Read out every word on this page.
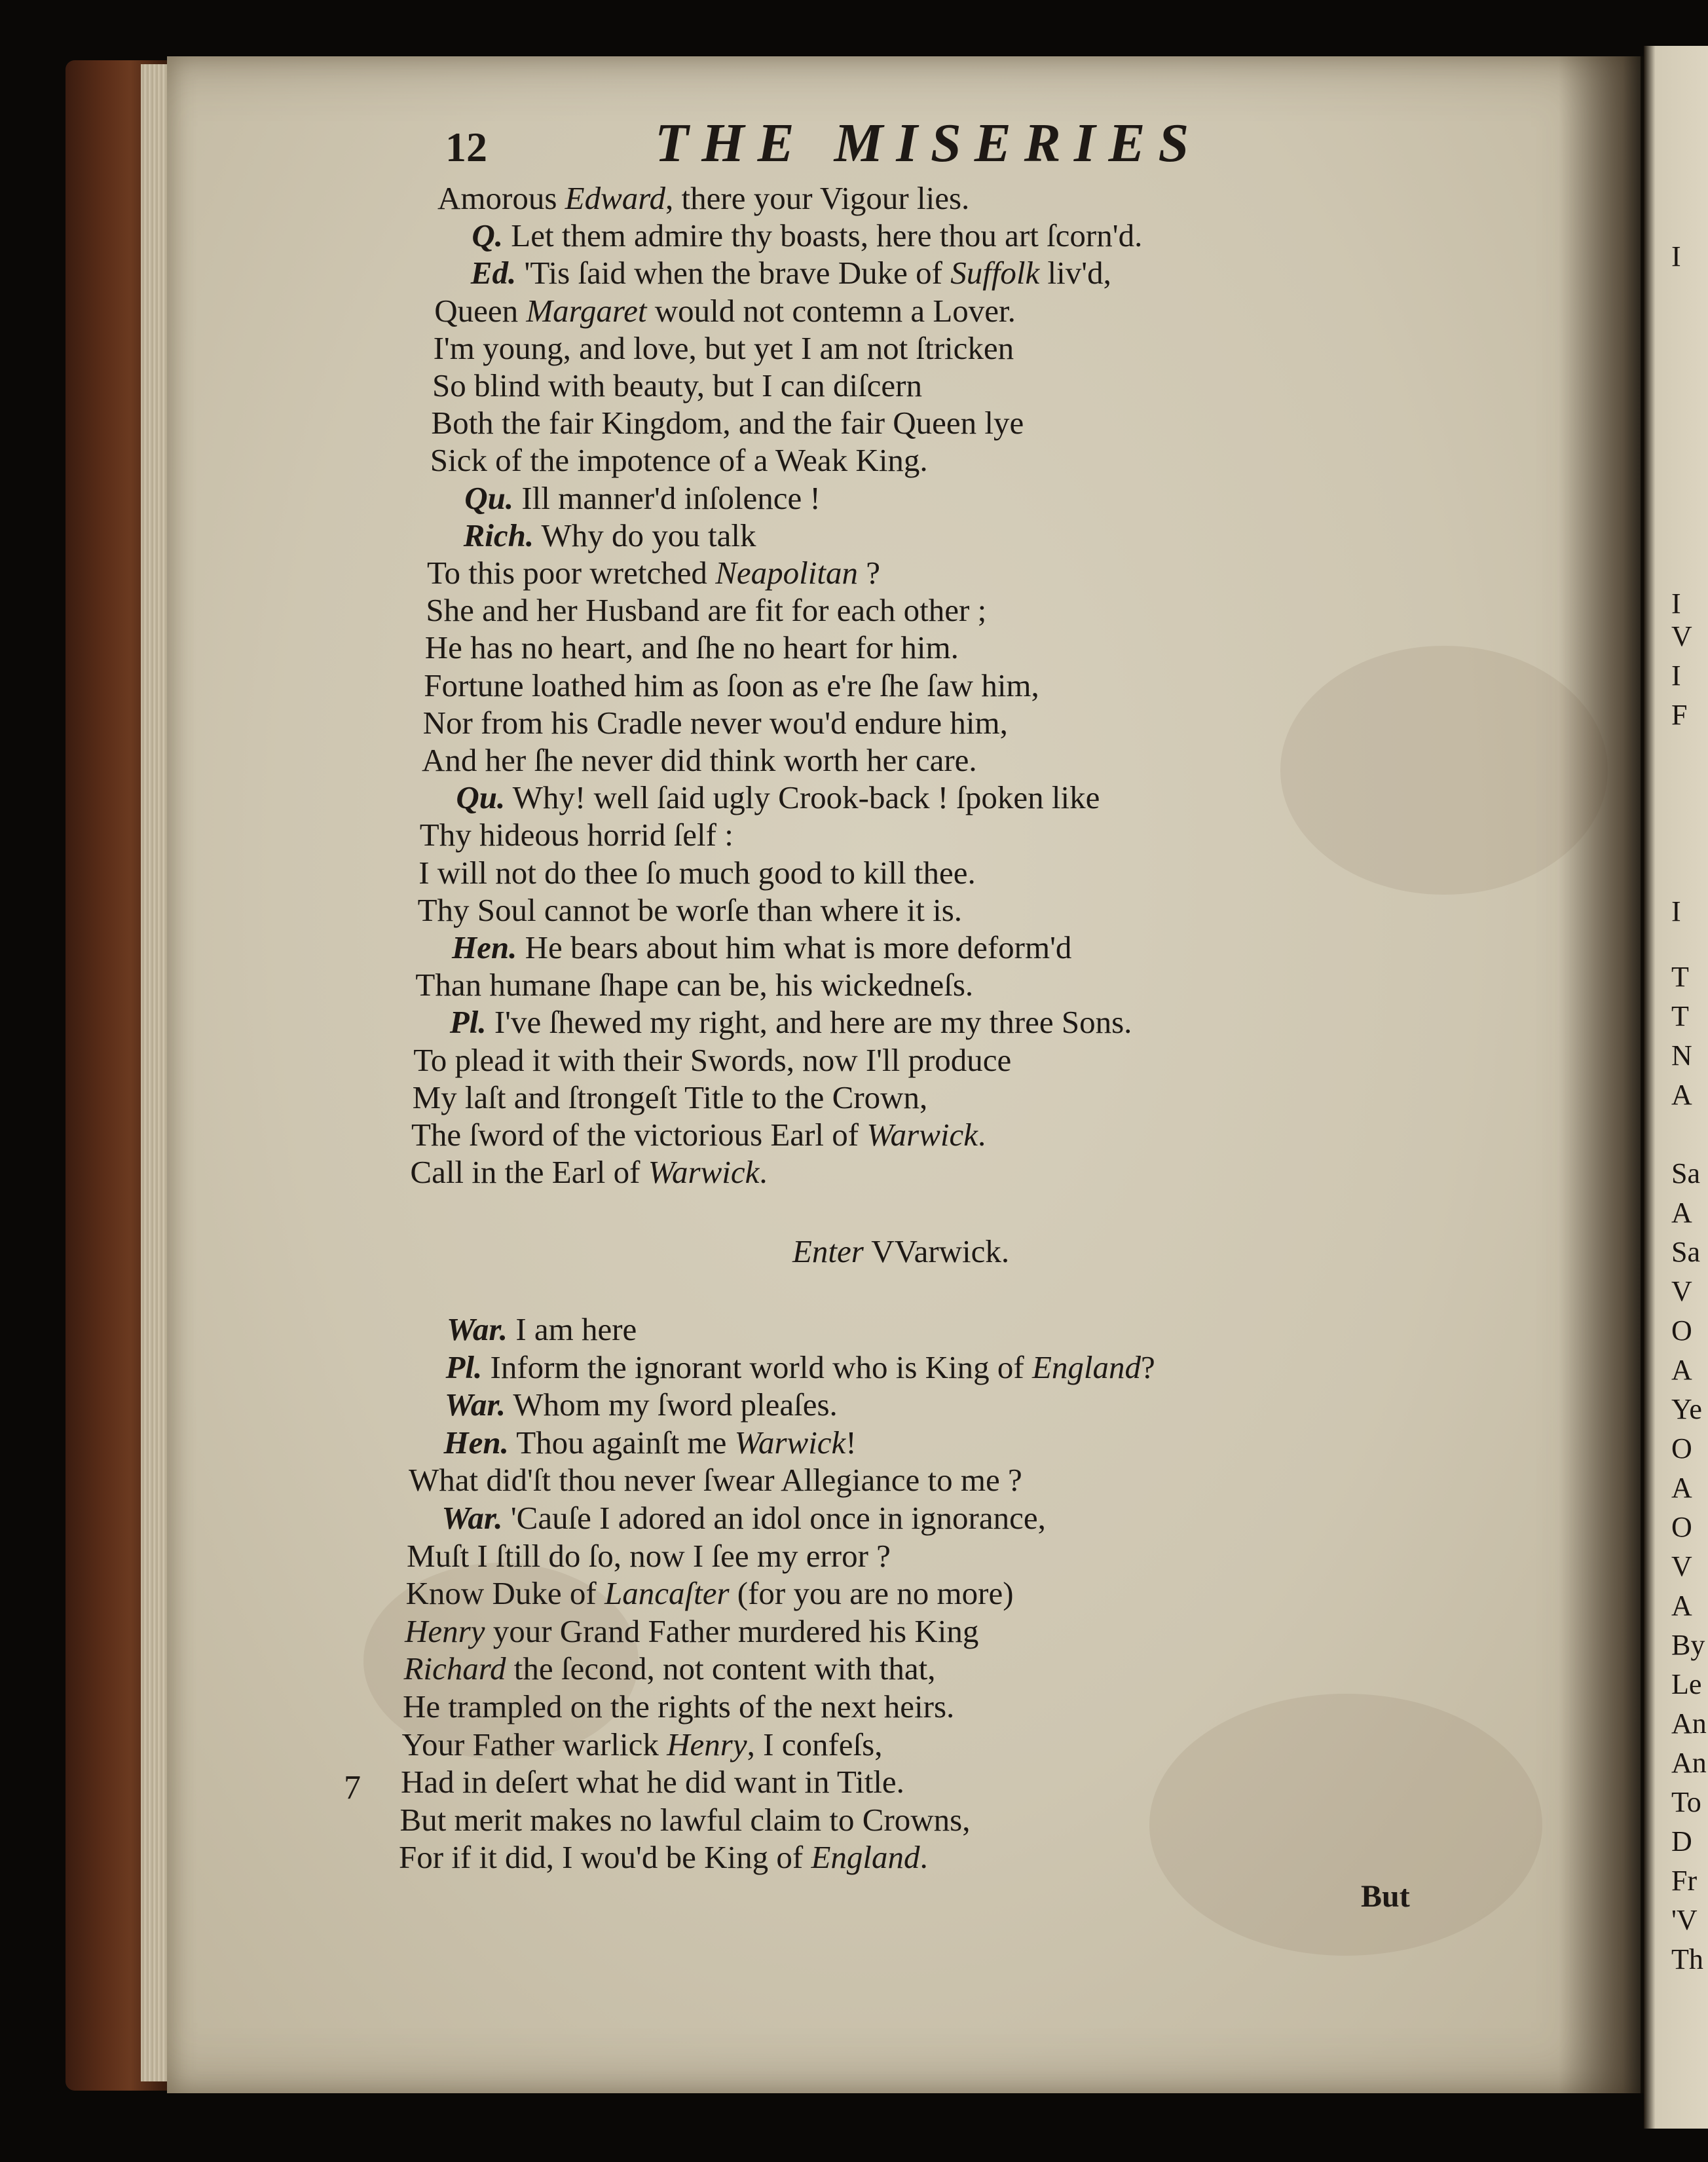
I
I
V
I
F
I
T
T
N
A
Sa
A
Sa
V
O
A
Ye
O
A
O
V
A
By
Le
An
An
To
D
Fr
'V
Th
12	THE MISERIES
Amorous Edward, there your Vigour lies.
Q. Let them admire thy boasts, here thou art ſcorn'd.
Ed. 'Tis ſaid when the brave Duke of Suffolk liv'd,
Queen Margaret would not contemn a Lover.
I'm young, and love, but yet I am not ſtricken
So blind with beauty, but I can diſcern
Both the fair Kingdom, and the fair Queen lye
Sick of the impotence of a Weak King.
Qu. Ill manner'd inſolence !
Rich. Why do you talk
To this poor wretched Neapolitan ?
She and her Husband are fit for each other ;
He has no heart, and ſhe no heart for him.
Fortune loathed him as ſoon as e're ſhe ſaw him,
Nor from his Cradle never wou'd endure him,
And her ſhe never did think worth her care.
Qu. Why! well ſaid ugly Crook-back ! ſpoken like
Thy hideous horrid ſelf :
I will not do thee ſo much good to kill thee.
Thy Soul cannot be worſe than where it is.
Hen. He bears about him what is more deform'd
Than humane ſhape can be, his wickedneſs.
Pl. I've ſhewed my right, and here are my three Sons.
To plead it with their Swords, now I'll produce
My laſt and ſtrongeſt Title to the Crown,
The ſword of the victorious Earl of Warwick.
Call in the Earl of Warwick.
Enter VVarwick.
War. I am here
Pl. Inform the ignorant world who is King of England?
War. Whom my ſword pleaſes.
Hen. Thou againſt me Warwick!
What did'ſt thou never ſwear Allegiance to me ?
War. 'Cauſe I adored an idol once in ignorance,
Muſt I ſtill do ſo, now I ſee my error ?
Know Duke of Lancaſter (for you are no more)
Henry your Grand Father murdered his King
Richard the ſecond, not content with that,
He trampled on the rights of the next heirs.
Your Father warlick Henry, I confeſs,
Had in deſert what he did want in Title.
But merit makes no lawful claim to Crowns,
For if it did, I wou'd be King of England.
7
But
